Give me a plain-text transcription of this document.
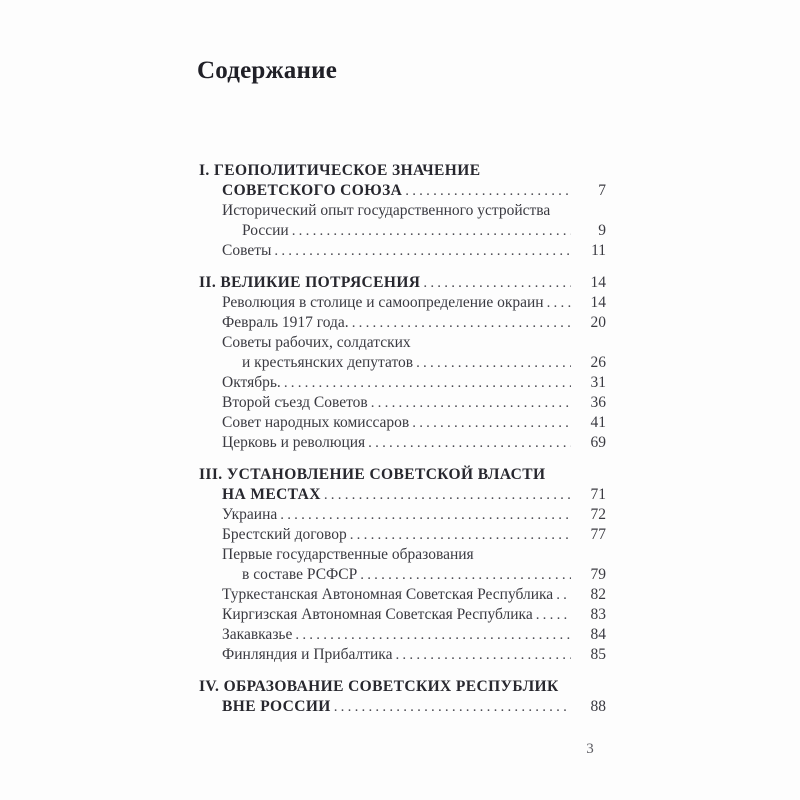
Содержание
I. ГЕОПОЛИТИЧЕСКОЕ ЗНАЧЕНИЕ
СОВЕТСКОГО СОЮЗА .....	7
Исторический опыт государственного устройства
России .....	9
Советы .....	11
II. ВЕЛИКИЕ ПОТРЯСЕНИЯ .....	14
Революция в столице и самоопределение окраин .....	14
Февраль 1917 года. .....	20
Советы рабочих, солдатских
и крестьянских депутатов .....	26
Октябрь. .....	31
Второй съезд Советов .....	36
Совет народных комиссаров .....	41
Церковь и революция .....	69
III. УСТАНОВЛЕНИЕ СОВЕТСКОЙ ВЛАСТИ
НА МЕСТАХ .....	71
Украина .....	72
Брестский договор .....	77
Первые государственные образования
в составе РСФСР .....	79
Туркестанская Автономная Советская Республика .....	82
Киргизская Автономная Советская Республика .....	83
Закавказье .....	84
Финляндия и Прибалтика .....	85
IV. ОБРАЗОВАНИЕ СОВЕТСКИХ РЕСПУБЛИК
ВНЕ РОССИИ .....	88
3
